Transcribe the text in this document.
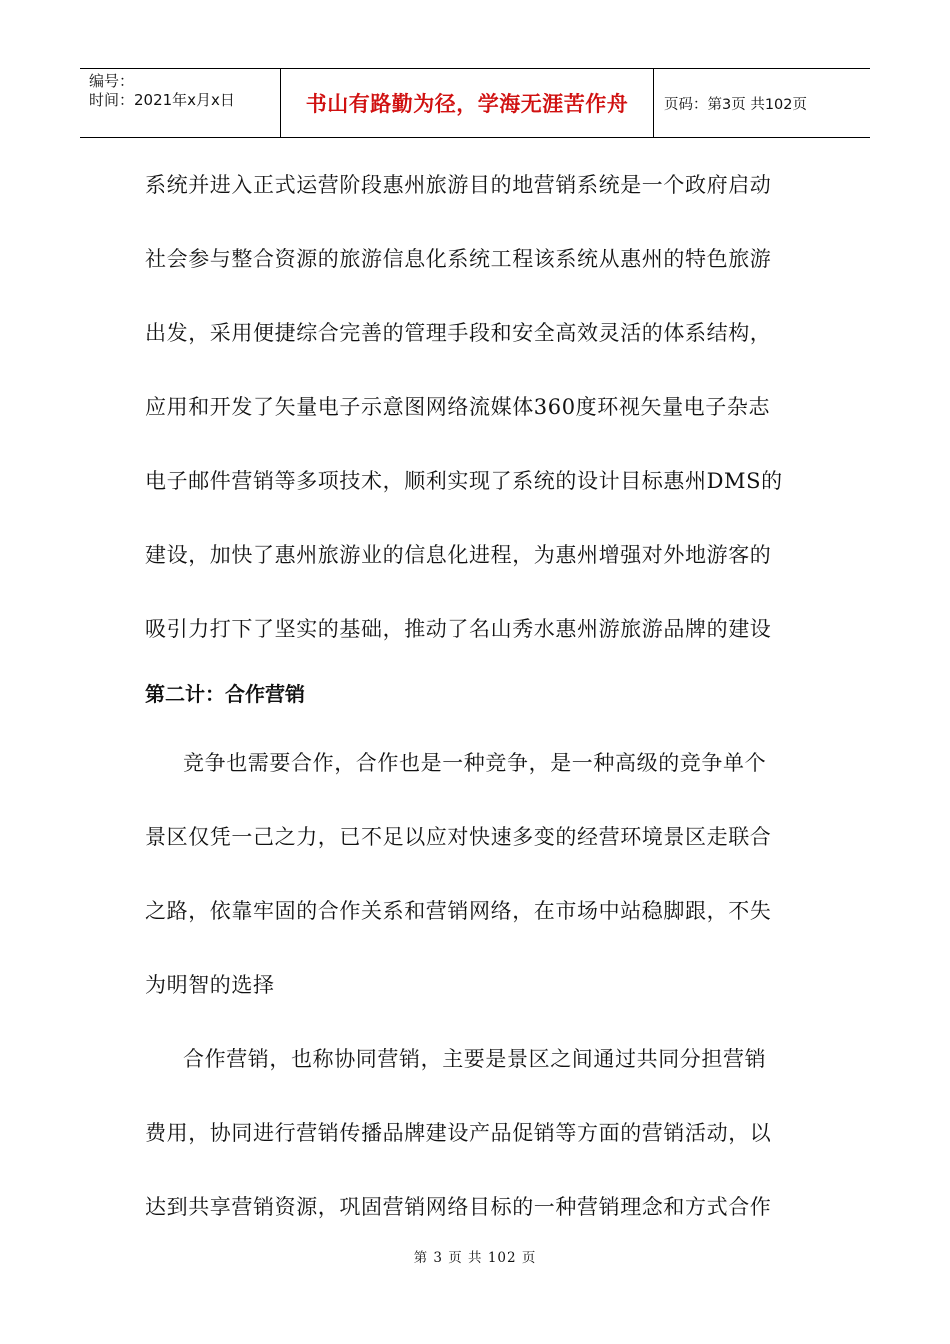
编号：
时间：2021年x月x日	书山有路勤为径，学海无涯苦作舟 页码：第3页 共102页
系统并进入正式运营阶段惠州旅游目的地营销系统是一个政府启动
社会参与整合资源的旅游信息化系统工程该系统从惠州的特色旅游
出发，采用便捷综合完善的管理手段和安全高效灵活的体系结构，
应用和开发了矢量电子示意图网络流媒体360度环视矢量电子杂志
电子邮件营销等多项技术，顺利实现了系统的设计目标惠州DMS的
建设，加快了惠州旅游业的信息化进程，为惠州增强对外地游客的
吸引力打下了坚实的基础，推动了名山秀水惠州游旅游品牌的建设
第二计：合作营销
竞争也需要合作，合作也是一种竞争，是一种高级的竞争单个
景区仅凭一己之力，已不足以应对快速多变的经营环境景区走联合
之路，依靠牢固的合作关系和营销网络，在市场中站稳脚跟，不失
为明智的选择
合作营销，也称协同营销，主要是景区之间通过共同分担营销
费用，协同进行营销传播品牌建设产品促销等方面的营销活动，以
达到共享营销资源，巩固营销网络目标的一种营销理念和方式合作
第 3 页 共 102 页
